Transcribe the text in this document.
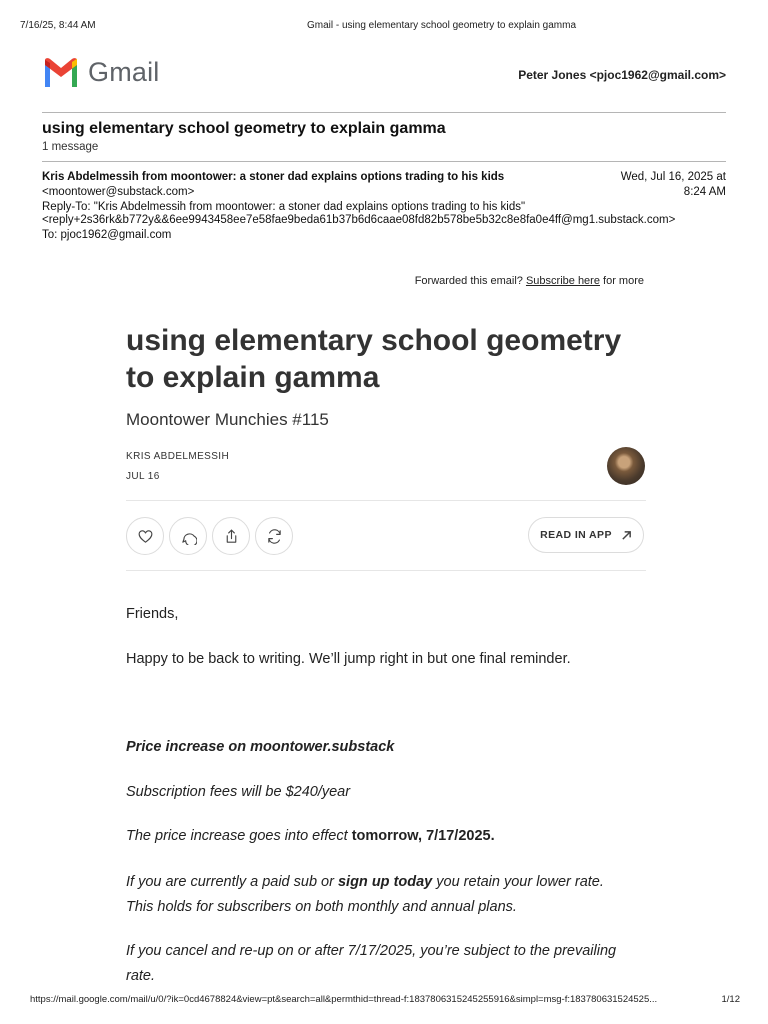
7/16/25, 8:44 AM	Gmail - using elementary school geometry to explain gamma
Gmail	Peter Jones <pjoc1962@gmail.com>
using elementary school geometry to explain gamma
1 message
Kris Abdelmessih from moontower: a stoner dad explains options trading to his kids
<moontower@substack.com>
Reply-To: "Kris Abdelmessih from moontower: a stoner dad explains options trading to his kids"
<reply+2s36rk&b772y&&6ee9943458ee7e58fae9beda61b37b6d6caae08fd82b578be5b32c8e8fa0e4ff@mg1.substack.com>
To: pjoc1962@gmail.com
Wed, Jul 16, 2025 at
8:24 AM
Forwarded this email? Subscribe here for more
using elementary school geometry
to explain gamma
Moontower Munchies #115
KRIS ABDELMESSIH
JUL 16
READ IN APP
Friends,
Happy to be back to writing. We’ll jump right in but one final reminder.
Price increase on moontower.substack
Subscription fees will be $240/year
The price increase goes into effect tomorrow, 7/17/2025.
If you are currently a paid sub or sign up today you retain your lower rate.
This holds for subscribers on both monthly and annual plans.
If you cancel and re-up on or after 7/17/2025, you’re subject to the prevailing
rate.
https://mail.google.com/mail/u/0/?ik=0cd4678824&view=pt&search=all&permthid=thread-f:1837806315245255916&simpl=msg-f:183780631524525...	1/12
